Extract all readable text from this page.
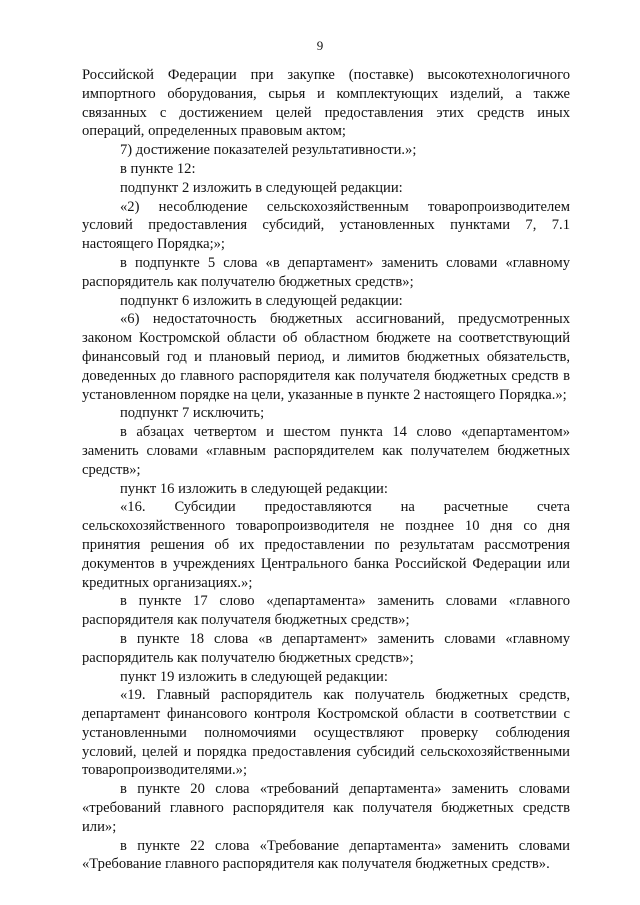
9

Российской Федерации при закупке (поставке) высокотехнологичного импортного оборудования, сырья и комплектующих изделий, а также связанных с достижением целей предоставления этих средств иных операций, определенных правовым актом;

7) достижение показателей результативности.»;

в пункте 12:

подпункт 2 изложить в следующей редакции:

«2) несоблюдение сельскохозяйственным товаропроизводителем условий предоставления субсидий, установленных пунктами 7, 7.1 настоящего Порядка;»;

в подпункте 5 слова «в департамент» заменить словами «главному распорядитель как получателю бюджетных средств»;

подпункт 6 изложить в следующей редакции:

«6) недостаточность бюджетных ассигнований, предусмотренных законом Костромской области об областном бюджете на соответствующий финансовый год и плановый период, и лимитов бюджетных обязательств, доведенных до главного распорядителя как получателя бюджетных средств в установленном порядке на цели, указанные в пункте 2 настоящего Порядка.»;

подпункт 7 исключить;

в абзацах четвертом и шестом пункта 14 слово «департаментом» заменить словами «главным распорядителем как получателем бюджетных средств»;

пункт 16 изложить в следующей редакции:

«16. Субсидии предоставляются на расчетные счета сельскохозяйственного товаропроизводителя не позднее 10 дня со дня принятия решения об их предоставлении по результатам рассмотрения документов в учреждениях Центрального банка Российской Федерации или кредитных организациях.»;

в пункте 17 слово «департамента» заменить словами «главного распорядителя как получателя бюджетных средств»;

в пункте 18 слова «в департамент» заменить словами «главному распорядитель как получателю бюджетных средств»;

пункт 19 изложить в следующей редакции:

«19. Главный распорядитель как получатель бюджетных средств, департамент финансового контроля Костромской области в соответствии с установленными полномочиями осуществляют проверку соблюдения условий, целей и порядка предоставления субсидий сельскохозяйственными товаропроизводителями.»;

в пункте 20 слова «требований департамента» заменить словами «требований главного распорядителя как получателя бюджетных средств или»;

в пункте 22 слова «Требование департамента» заменить словами «Требование главного распорядителя как получателя бюджетных средств».
